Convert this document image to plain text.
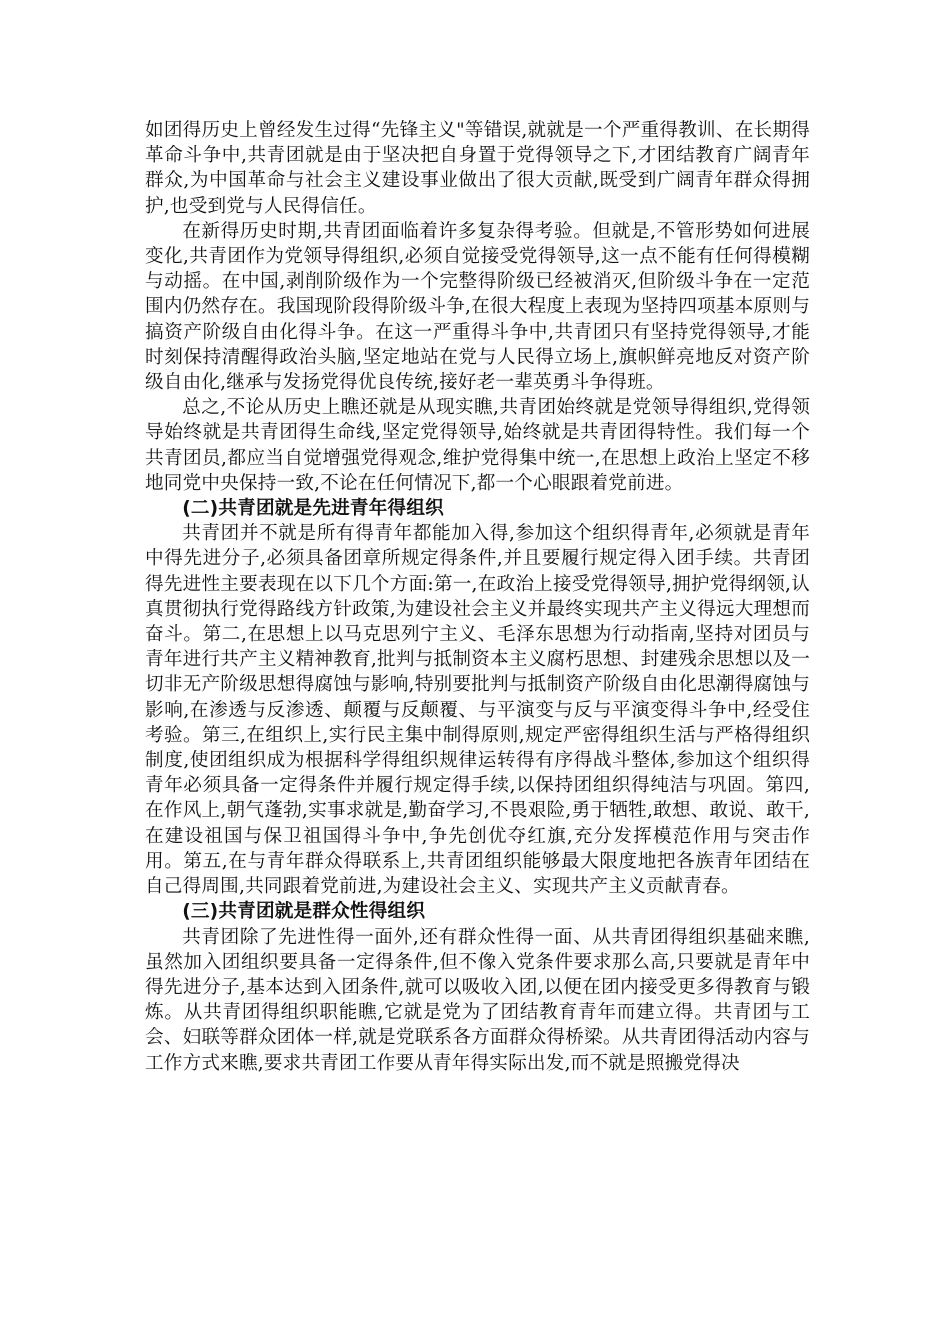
如团得历史上曾经发生过得“先锋主义"等错误,就就是一个严重得教训、在长期得革命斗争中,共青团就是由于坚决把自身置于党得领导之下,才团结教育广阔青年群众,为中国革命与社会主义建设事业做出了很大贡献,既受到广阔青年群众得拥护,也受到党与人民得信任。

在新得历史时期,共青团面临着许多复杂得考验。但就是,不管形势如何进展变化,共青团作为党领导得组织,必须自觉接受党得领导,这一点不能有任何得模糊与动摇。在中国,剥削阶级作为一个完整得阶级已经被消灭,但阶级斗争在一定范围内仍然存在。我国现阶段得阶级斗争,在很大程度上表现为坚持四项基本原则与搞资产阶级自由化得斗争。在这一严重得斗争中,共青团只有坚持党得领导,才能时刻保持清醒得政治头脑,坚定地站在党与人民得立场上,旗帜鲜亮地反对资产阶级自由化,继承与发扬党得优良传统,接好老一辈英勇斗争得班。

总之,不论从历史上瞧还就是从现实瞧,共青团始终就是党领导得组织,党得领导始终就是共青团得生命线,坚定党得领导,始终就是共青团得特性。我们每一个共青团员,都应当自觉增强党得观念,维护党得集中统一,在思想上政治上坚定不移地同党中央保持一致,不论在任何情况下,都一个心眼跟着党前进。

(二)共青团就是先进青年得组织

共青团并不就是所有得青年都能加入得,参加这个组织得青年,必须就是青年中得先进分子,必须具备团章所规定得条件,并且要履行规定得入团手续。共青团得先进性主要表现在以下几个方面:第一,在政治上接受党得领导,拥护党得纲领,认真贯彻执行党得路线方针政策,为建设社会主义并最终实现共产主义得远大理想而奋斗。第二,在思想上以马克思列宁主义、毛泽东思想为行动指南,坚持对团员与青年进行共产主义精神教育,批判与抵制资本主义腐朽思想、封建残余思想以及一切非无产阶级思想得腐蚀与影响,特别要批判与抵制资产阶级自由化思潮得腐蚀与影响,在渗透与反渗透、颠覆与反颠覆、与平演变与反与平演变得斗争中,经受住考验。第三,在组织上,实行民主集中制得原则,规定严密得组织生活与严格得组织制度,使团组织成为根据科学得组织规律运转得有序得战斗整体,参加这个组织得青年必须具备一定得条件并履行规定得手续,以保持团组织得纯洁与巩固。第四,在作风上,朝气蓬勃,实事求就是,勤奋学习,不畏艰险,勇于牺牲,敢想、敢说、敢干,在建设祖国与保卫祖国得斗争中,争先创优夺红旗,充分发挥模范作用与突击作用。第五,在与青年群众得联系上,共青团组织能够最大限度地把各族青年团结在自己得周围,共同跟着党前进,为建设社会主义、实现共产主义贡献青春。

(三)共青团就是群众性得组织

共青团除了先进性得一面外,还有群众性得一面、从共青团得组织基础来瞧,虽然加入团组织要具备一定得条件,但不像入党条件要求那么高,只要就是青年中得先进分子,基本达到入团条件,就可以吸收入团,以便在团内接受更多得教育与锻炼。从共青团得组织职能瞧,它就是党为了团结教育青年而建立得。共青团与工会、妇联等群众团体一样,就是党联系各方面群众得桥梁。从共青团得活动内容与工作方式来瞧,要求共青团工作要从青年得实际出发,而不就是照搬党得决
